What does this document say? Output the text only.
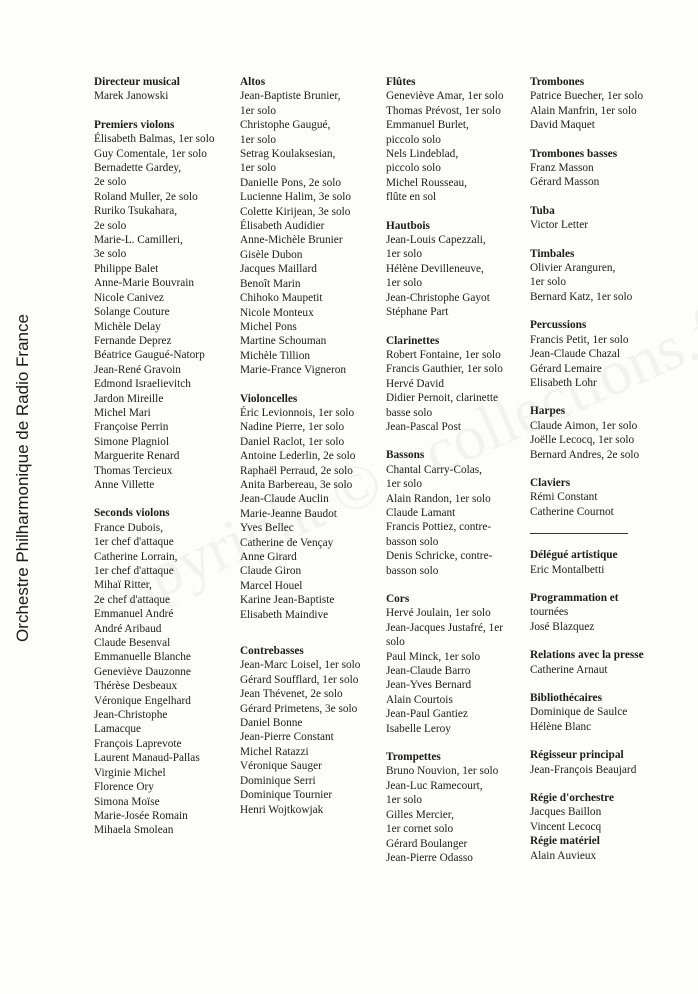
Orchestre Philharmonique de Radio France
Directeur musical
Marek Janowski
Premiers violons
Élisabeth Balmas, 1er solo
Guy Comentale, 1er solo
Bernadette Gardey,
2e solo
Roland Muller, 2e solo
Ruriko Tsukahara,
2e solo
Marie-L. Camilleri,
3e solo
Philippe Balet
Anne-Marie Bouvrain
Nicole Canivez
Solange Couture
Michèle Delay
Fernande Deprez
Béatrice Gaugué-Natorp
Jean-René Gravoin
Edmond Israelievitch
Jardon Mireille
Michel Mari
Françoise Perrin
Simone Plagniol
Marguerite Renard
Thomas Tercieux
Anne Villette
Seconds violons
France Dubois,
1er chef d'attaque
Catherine Lorrain,
1er chef d'attaque
Mihaï Ritter,
2e chef d'attaque
Emmanuel André
André Aribaud
Claude Besenval
Emmanuelle Blanche
Geneviève Dauzonne
Thérèse Desbeaux
Véronique Engelhard
Jean-Christophe
Lamacque
François Laprevote
Laurent Manaud-Pallas
Virginie Michel
Florence Ory
Simona Moïse
Marie-Josée Romain
Mihaela Smolean
Altos
Jean-Baptiste Brunier,
1er solo
Christophe Gaugué,
1er solo
Setrag Koulaksesian,
1er solo
Danielle Pons, 2e solo
Lucienne Halim, 3e solo
Colette Kirijean, 3e solo
Élisabeth Audidier
Anne-Michèle Brunier
Gisèle Dubon
Jacques Maillard
Benoît Marin
Chihoko Maupetit
Nicole Monteux
Michel Pons
Martine Schouman
Michèle Tillion
Marie-France Vigneron
Violoncelles
Éric Levionnois, 1er solo
Nadine Pierre, 1er solo
Daniel Raclot, 1er solo
Antoine Lederlin, 2e solo
Raphaël Perraud, 2e solo
Anita Barbereau, 3e solo
Jean-Claude Auclin
Marie-Jeanne Baudot
Yves Bellec
Catherine de Vençay
Anne Girard
Claude Giron
Marcel Houel
Karine Jean-Baptiste
Elisabeth Maindive
Contrebasses
Jean-Marc Loisel, 1er solo
Gérard Soufflard, 1er solo
Jean Thévenet, 2e solo
Gérard Primetens, 3e solo
Daniel Bonne
Jean-Pierre Constant
Michel Ratazzi
Véronique Sauger
Dominique Serri
Dominique Tournier
Henri Wojtkowjak
Flûtes
Geneviève Amar, 1er solo
Thomas Prévost, 1er solo
Emmanuel Burlet,
piccolo solo
Nels Lindeblad,
piccolo solo
Michel Rousseau,
flûte en sol
Hautbois
Jean-Louis Capezzali,
1er solo
Hélène Devilleneuve,
1er solo
Jean-Christophe Gayot
Stéphane Part
Clarinettes
Robert Fontaine, 1er solo
Francis Gauthier, 1er solo
Hervé David
Didier Pernoit, clarinette
basse solo
Jean-Pascal Post
Bassons
Chantal Carry-Colas,
1er solo
Alain Randon, 1er solo
Claude Lamant
Francis Pottiez, contre-
basson solo
Denis Schricke, contre-
basson solo
Cors
Hervé Joulain, 1er solo
Jean-Jacques Justafré, 1er
solo
Paul Minck, 1er solo
Jean-Claude Barro
Jean-Yves Bernard
Alain Courtois
Jean-Paul Gantiez
Isabelle Leroy
Trompettes
Bruno Nouvion, 1er solo
Jean-Luc Ramecourt,
1er solo
Gilles Mercier,
1er cornet solo
Gérard Boulanger
Jean-Pierre Odasso
Trombones
Patrice Buecher, 1er solo
Alain Manfrin, 1er solo
David Maquet
Trombones basses
Franz Masson
Gérard Masson
Tuba
Victor Letter
Timbales
Olivier Aranguren,
1er solo
Bernard Katz, 1er solo
Percussions
Francis Petit, 1er solo
Jean-Claude Chazal
Gérard Lemaire
Elisabeth Lohr
Harpes
Claude Aimon, 1er solo
Joëlle Lecocq, 1er solo
Bernard Andres, 2e solo
Claviers
Rémi Constant
Catherine Cournot
Délégué artistique
Eric Montalbetti
Programmation et
tournées
José Blazquez
Relations avec la presse
Catherine Arnaut
Bibliothécaires
Dominique de Saulce
Hélène Blanc
Régisseur principal
Jean-François Beaujard
Régie d'orchestre
Jacques Baillon
Vincent Lecocq
Régie matériel
Alain Auvieux
